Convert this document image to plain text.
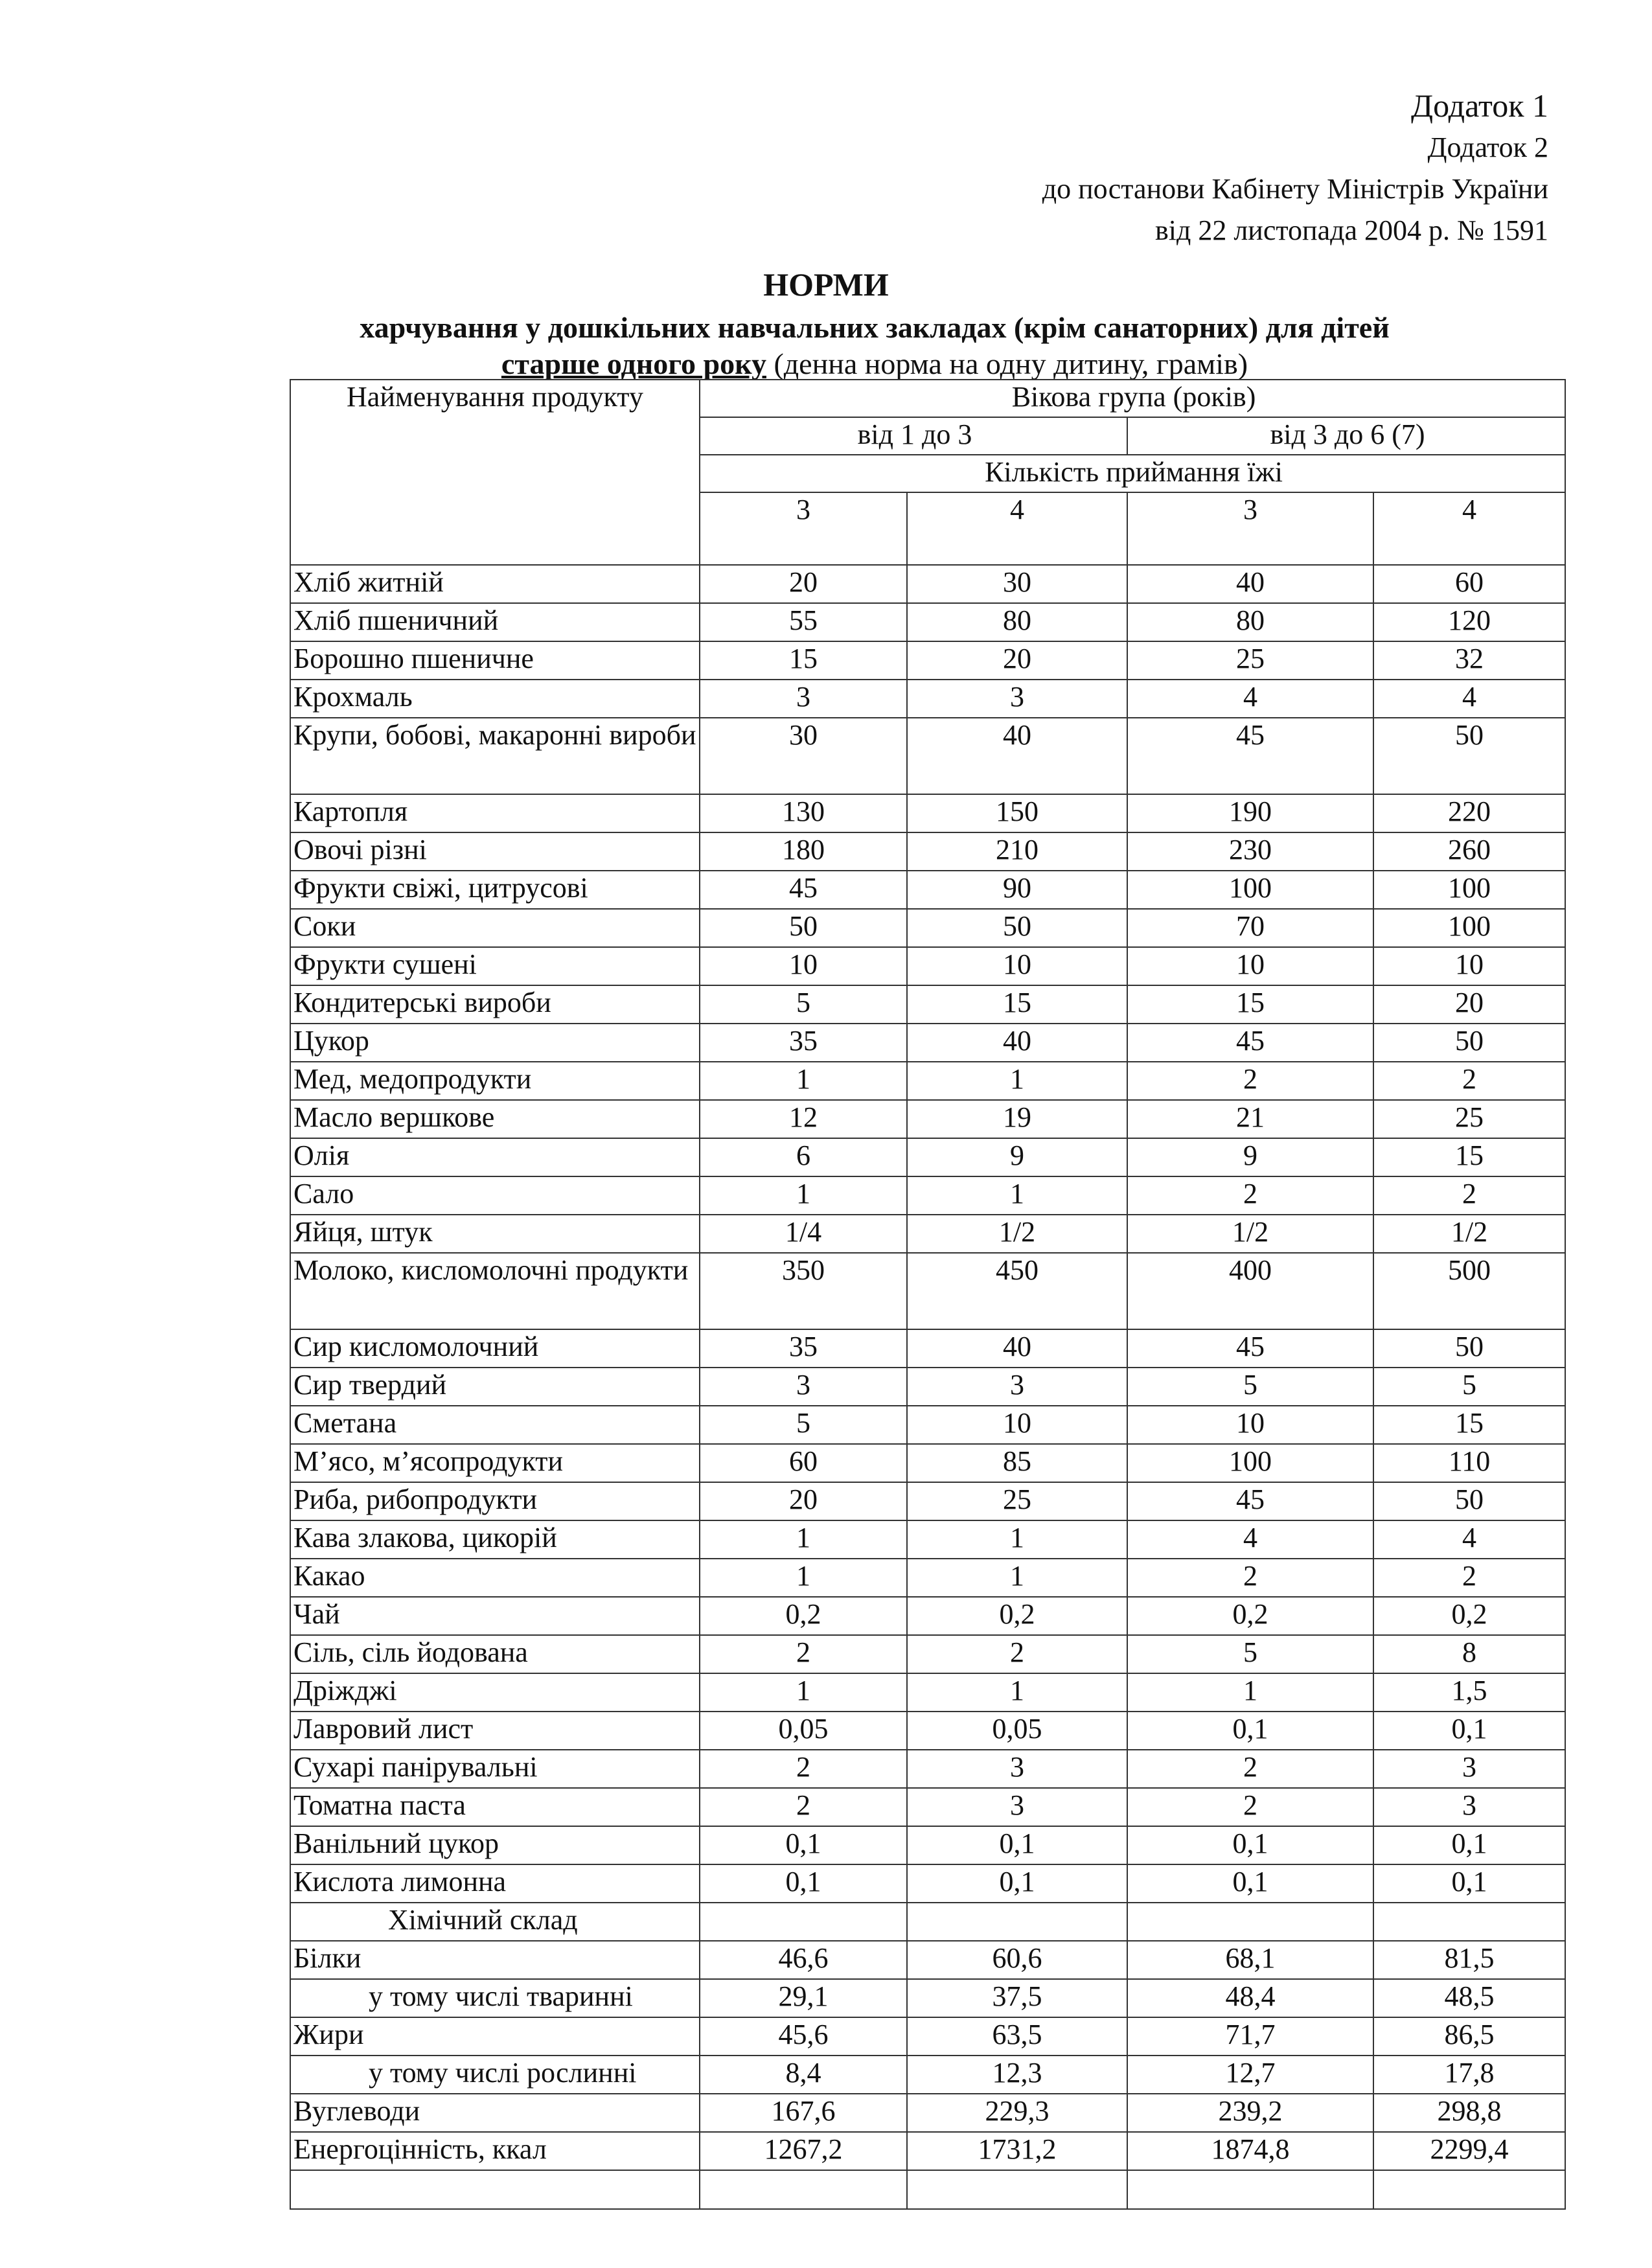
Додаток 1
Додаток 2
до постанови Кабінету Міністрів України
від 22 листопада 2004 р. № 1591
НОРМИ
харчування у дошкільних навчальних закладах (крім санаторних) для дітей
старше одного року (денна норма на одну дитину, грамів)
Найменування продукту	Вікова група (років)			
	від 1 до 3		від 3 до 6 (7)	
	Кількість приймання їжі			
	3	4	3	4
Хліб житній	20	30	40	60
Хліб пшеничний	55	80	80	120
Борошно пшеничне	15	20	25	32
Крохмаль	3	3	4	4
Крупи, бобові, макаронні вироби	30	40	45	50
Картопля	130	150	190	220
Овочі різні	180	210	230	260
Фрукти свіжі, цитрусові	45	90	100	100
Соки	50	50	70	100
Фрукти сушені	10	10	10	10
Кондитерські вироби	5	15	15	20
Цукор	35	40	45	50
Мед, медопродукти	1	1	2	2
Масло вершкове	12	19	21	25
Олія	6	9	9	15
Сало	1	1	2	2
Яйця, штук	1/4	1/2	1/2	1/2
Молоко, кисломолочні продукти	350	450	400	500
Сир кисломолочний	35	40	45	50
Сир твердий	3	3	5	5
Сметана	5	10	10	15
М’ясо, м’ясопродукти	60	85	100	110
Риба, рибопродукти	20	25	45	50
Кава злакова, цикорій	1	1	4	4
Какао	1	1	2	2
Чай	0,2	0,2	0,2	0,2
Сіль, сіль йодована	2	2	5	8
Дріжджі	1	1	1	1,5
Лавровий лист	0,05	0,05	0,1	0,1
Сухарі панірувальні	2	3	2	3
Томатна паста	2	3	2	3
Ванільний цукор	0,1	0,1	0,1	0,1
Кислота лимонна	0,1	0,1	0,1	0,1
Хімічний склад				
Білки	46,6	60,6	68,1	81,5
у тому числі тваринні	29,1	37,5	48,4	48,5
Жири	45,6	63,5	71,7	86,5
у тому числі рослинні	8,4	12,3	12,7	17,8
Вуглеводи	167,6	229,3	239,2	298,8
Енергоцінність, ккал	1267,2	1731,2	1874,8	2299,4
